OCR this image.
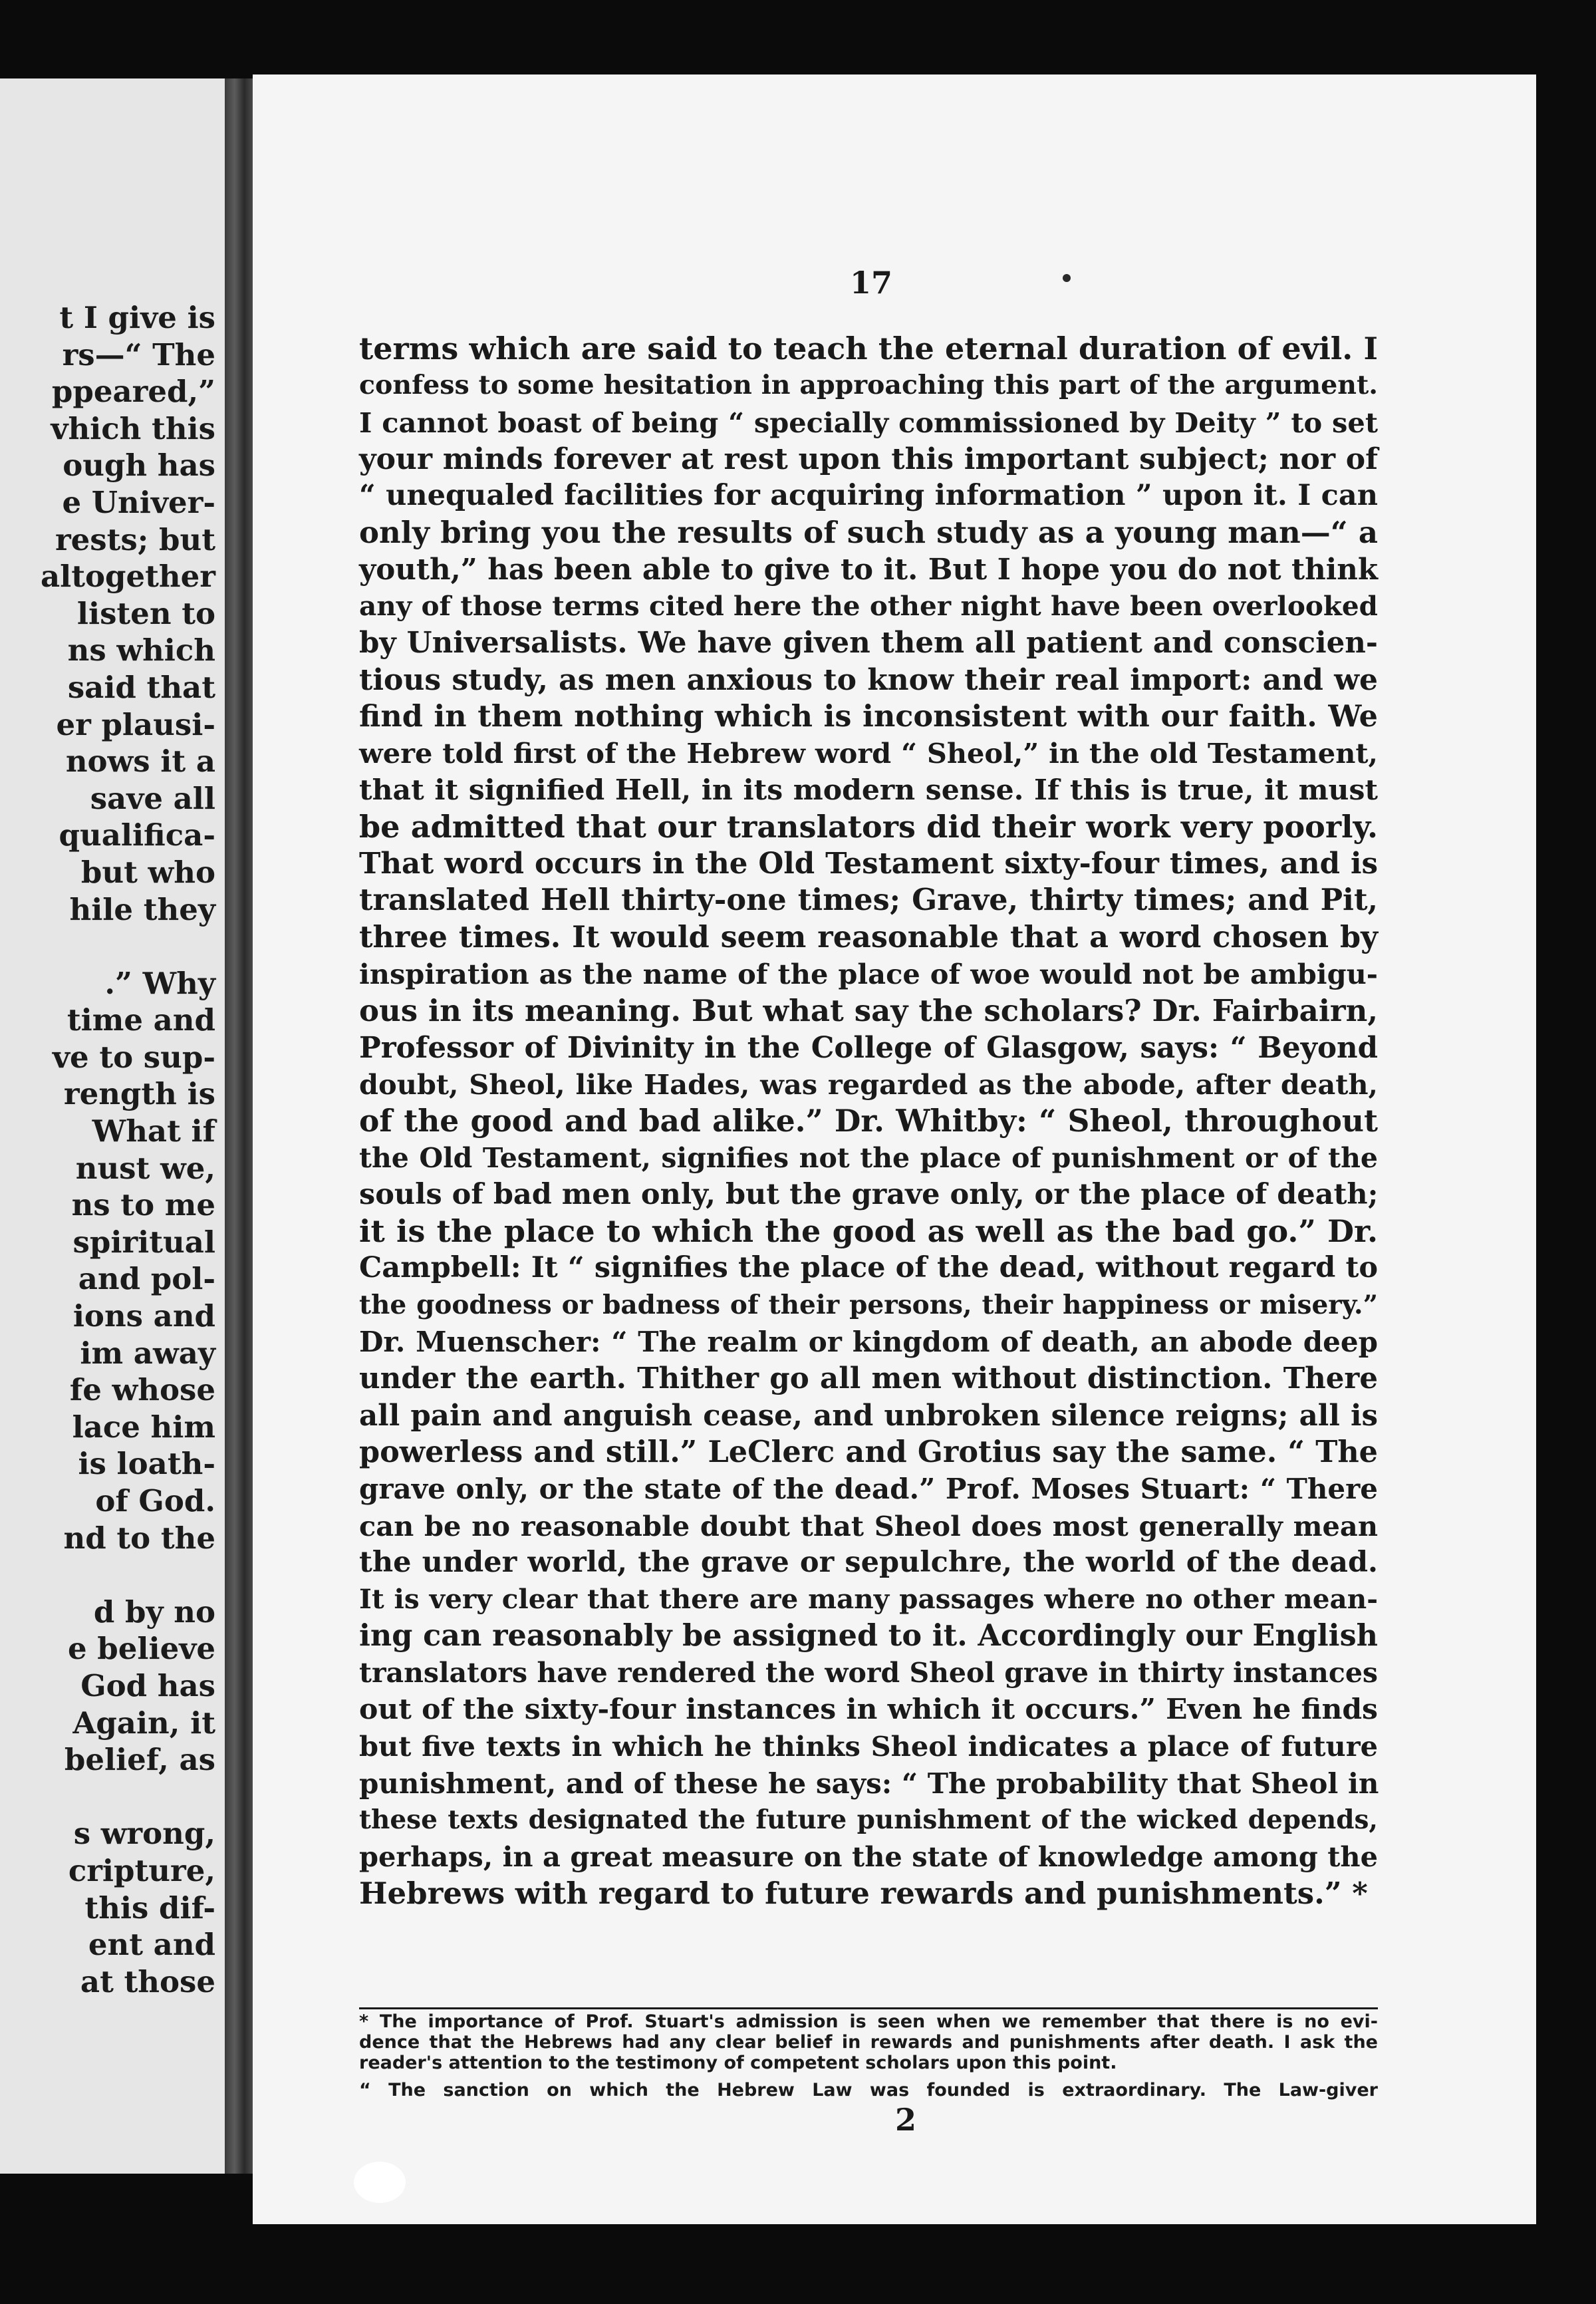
t I give is
rs—“ The
ppeared,”
vhich this
ough has
e Univer-
rests; but
altogether
listen to
ns which
said that
er plausi-
nows it a
save all
qualifica-
but who
hile they
.” Why
time and
ve to sup-
rength is
What if
nust we,
ns to me
spiritual
and pol-
ions and
im away
fe whose
lace him
is loath-
of God.
nd to the
d by no
e believe
God has
Again, it
belief, as
s wrong,
cripture,
this dif-
ent and
at those

17

terms which are said to teach the eternal duration of evil. I
confess to some hesitation in approaching this part of the argument.
I cannot boast of being “ specially commissioned by Deity ” to set
your minds forever at rest upon this important subject; nor of
“ unequaled facilities for acquiring information ” upon it. I can
only bring you the results of such study as a young man—“ a
youth,” has been able to give to it. But I hope you do not think
any of those terms cited here the other night have been overlooked
by Universalists. We have given them all patient and conscien-
tious study, as men anxious to know their real import: and we
find in them nothing which is inconsistent with our faith. We
were told first of the Hebrew word “ Sheol,” in the old Testament,
that it signified Hell, in its modern sense. If this is true, it must
be admitted that our translators did their work very poorly.
That word occurs in the Old Testament sixty-four times, and is
translated Hell thirty-one times; Grave, thirty times; and Pit,
three times. It would seem reasonable that a word chosen by
inspiration as the name of the place of woe would not be ambigu-
ous in its meaning. But what say the scholars? Dr. Fairbairn,
Professor of Divinity in the College of Glasgow, says: “ Beyond
doubt, Sheol, like Hades, was regarded as the abode, after death,
of the good and bad alike.” Dr. Whitby: “ Sheol, throughout
the Old Testament, signifies not the place of punishment or of the
souls of bad men only, but the grave only, or the place of death;
it is the place to which the good as well as the bad go.” Dr.
Campbell: It “ signifies the place of the dead, without regard to
the goodness or badness of their persons, their happiness or misery.”
Dr. Muenscher: “ The realm or kingdom of death, an abode deep
under the earth. Thither go all men without distinction. There
all pain and anguish cease, and unbroken silence reigns; all is
powerless and still.” LeClerc and Grotius say the same. “ The
grave only, or the state of the dead.” Prof. Moses Stuart: “ There
can be no reasonable doubt that Sheol does most generally mean
the under world, the grave or sepulchre, the world of the dead.
It is very clear that there are many passages where no other mean-
ing can reasonably be assigned to it. Accordingly our English
translators have rendered the word Sheol grave in thirty instances
out of the sixty-four instances in which it occurs.” Even he finds
but five texts in which he thinks Sheol indicates a place of future
punishment, and of these he says: “ The probability that Sheol in
these texts designated the future punishment of the wicked depends,
perhaps, in a great measure on the state of knowledge among the
Hebrews with regard to future rewards and punishments.” *
* The importance of Prof. Stuart's admission is seen when we remember that there is no evi-
dence that the Hebrews had any clear belief in rewards and punishments after death. I ask the
reader's attention to the testimony of competent scholars upon this point.
“ The sanction on which the Hebrew Law was founded is extraordinary. The Law-giver

2
